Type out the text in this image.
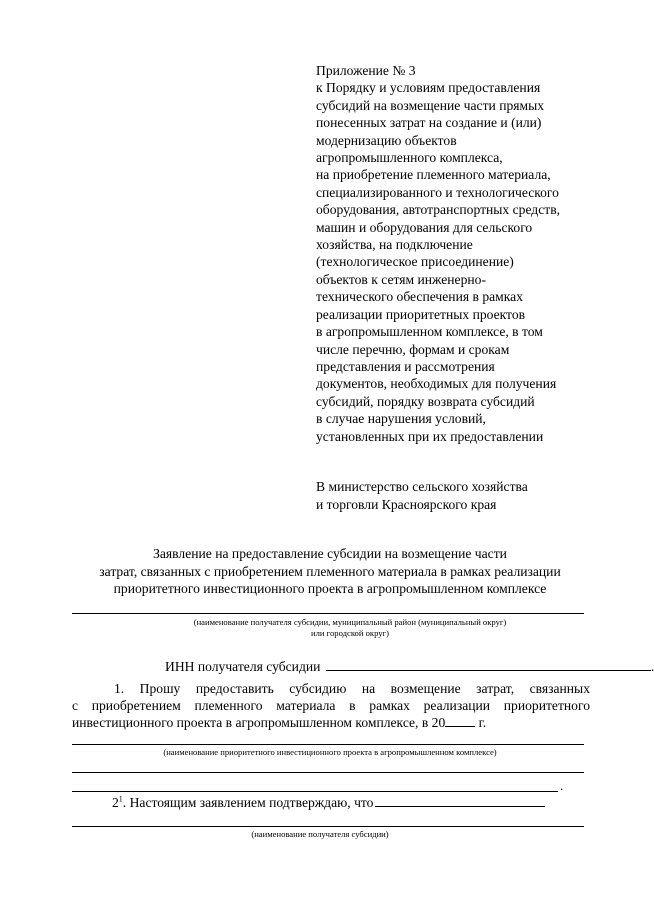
Приложение № 3
к Порядку и условиям предоставления
субсидий на возмещение части прямых
понесенных затрат на создание и (или)
модернизацию объектов
агропромышленного комплекса,
на приобретение племенного материала,
специализированного и технологического
оборудования, автотранспортных средств,
машин и оборудования для сельского
хозяйства, на подключение
(технологическое присоединение)
объектов к сетям инженерно-
технического обеспечения в рамках
реализации приоритетных проектов
в агропромышленном комплексе, в том
числе перечню, формам и срокам
представления и рассмотрения
документов, необходимых для получения
субсидий, порядку возврата субсидий
в случае нарушения условий,
установленных при их предоставлении
В министерство сельского хозяйства
и торговли Красноярского края
Заявление на предоставление субсидии на возмещение части
затрат, связанных с приобретением племенного материала в рамках реализации
приоритетного инвестиционного проекта в агропромышленном комплексе
(наименование получателя субсидии, муниципальный район (муниципальный округ)
или городской округ)
ИНН получателя субсидии	.
1. Прошу предоставить субсидию на возмещение затрат, связанных
с приобретением племенного материала в рамках реализации приоритетного
инвестиционного проекта в агропромышленном комплексе, в 20 г.
(наименование приоритетного инвестиционного проекта в агропромышленном комплексе)
.
$2^1$. Настоящим заявлением подтверждаю, что
(наименование получателя субсидии)
